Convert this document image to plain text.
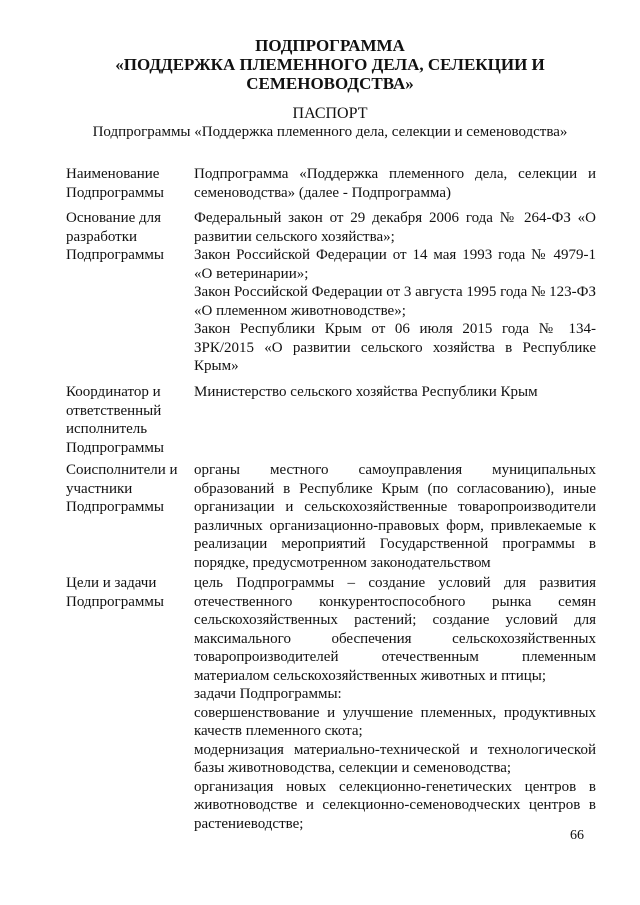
ПОДПРОГРАММА
«ПОДДЕРЖКА ПЛЕМЕННОГО ДЕЛА, СЕЛЕКЦИИ И
СЕМЕНОВОДСТВА»
ПАСПОРТ
Подпрограммы «Поддержка племенного дела, селекции и семеноводства»
Наименование
Подпрограммы

Подпрограмма «Поддержка племенного дела, селекции и семеноводства» (далее - Подпрограмма)

Основание для
разработки
Подпрограммы

Федеральный закон от 29 декабря 2006 года № 264-ФЗ «О развитии сельского хозяйства»;

Закон Российской Федерации от 14 мая 1993 года № 4979-1 «О ветеринарии»;

Закон Российской Федерации от 3 августа 1995 года № 123-ФЗ «О племенном животноводстве»;

Закон Республики Крым от 06 июля 2015 года № 134-ЗРК/2015 «О развитии сельского хозяйства в Республике Крым»

Координатор и
ответственный
исполнитель
Подпрограммы

Министерство сельского хозяйства Республики Крым

Соисполнители и
участники
Подпрограммы

органы местного самоуправления муниципальных образований в Республике Крым (по согласованию), иные организации и сельскохозяйственные товаропроизводители различных организационно-правовых форм, привлекаемые к реализации мероприятий Государственной программы в порядке, предусмотренном законодательством

Цели и задачи
Подпрограммы

цель Подпрограммы – создание условий для развития отечественного конкурентоспособного рынка семян сельскохозяйственных растений; создание условий для максимального обеспечения сельскохозяйственных товаропроизводителей отечественным племенным материалом сельскохозяйственных животных и птицы;

задачи Подпрограммы:

совершенствование и улучшение племенных, продуктивных качеств племенного скота;

модернизация материально-технической и технологической базы животноводства, селекции и семеноводства;

организация новых селекционно-генетических центров в животноводстве и селекционно-семеноводческих центров в растениеводстве;

66
